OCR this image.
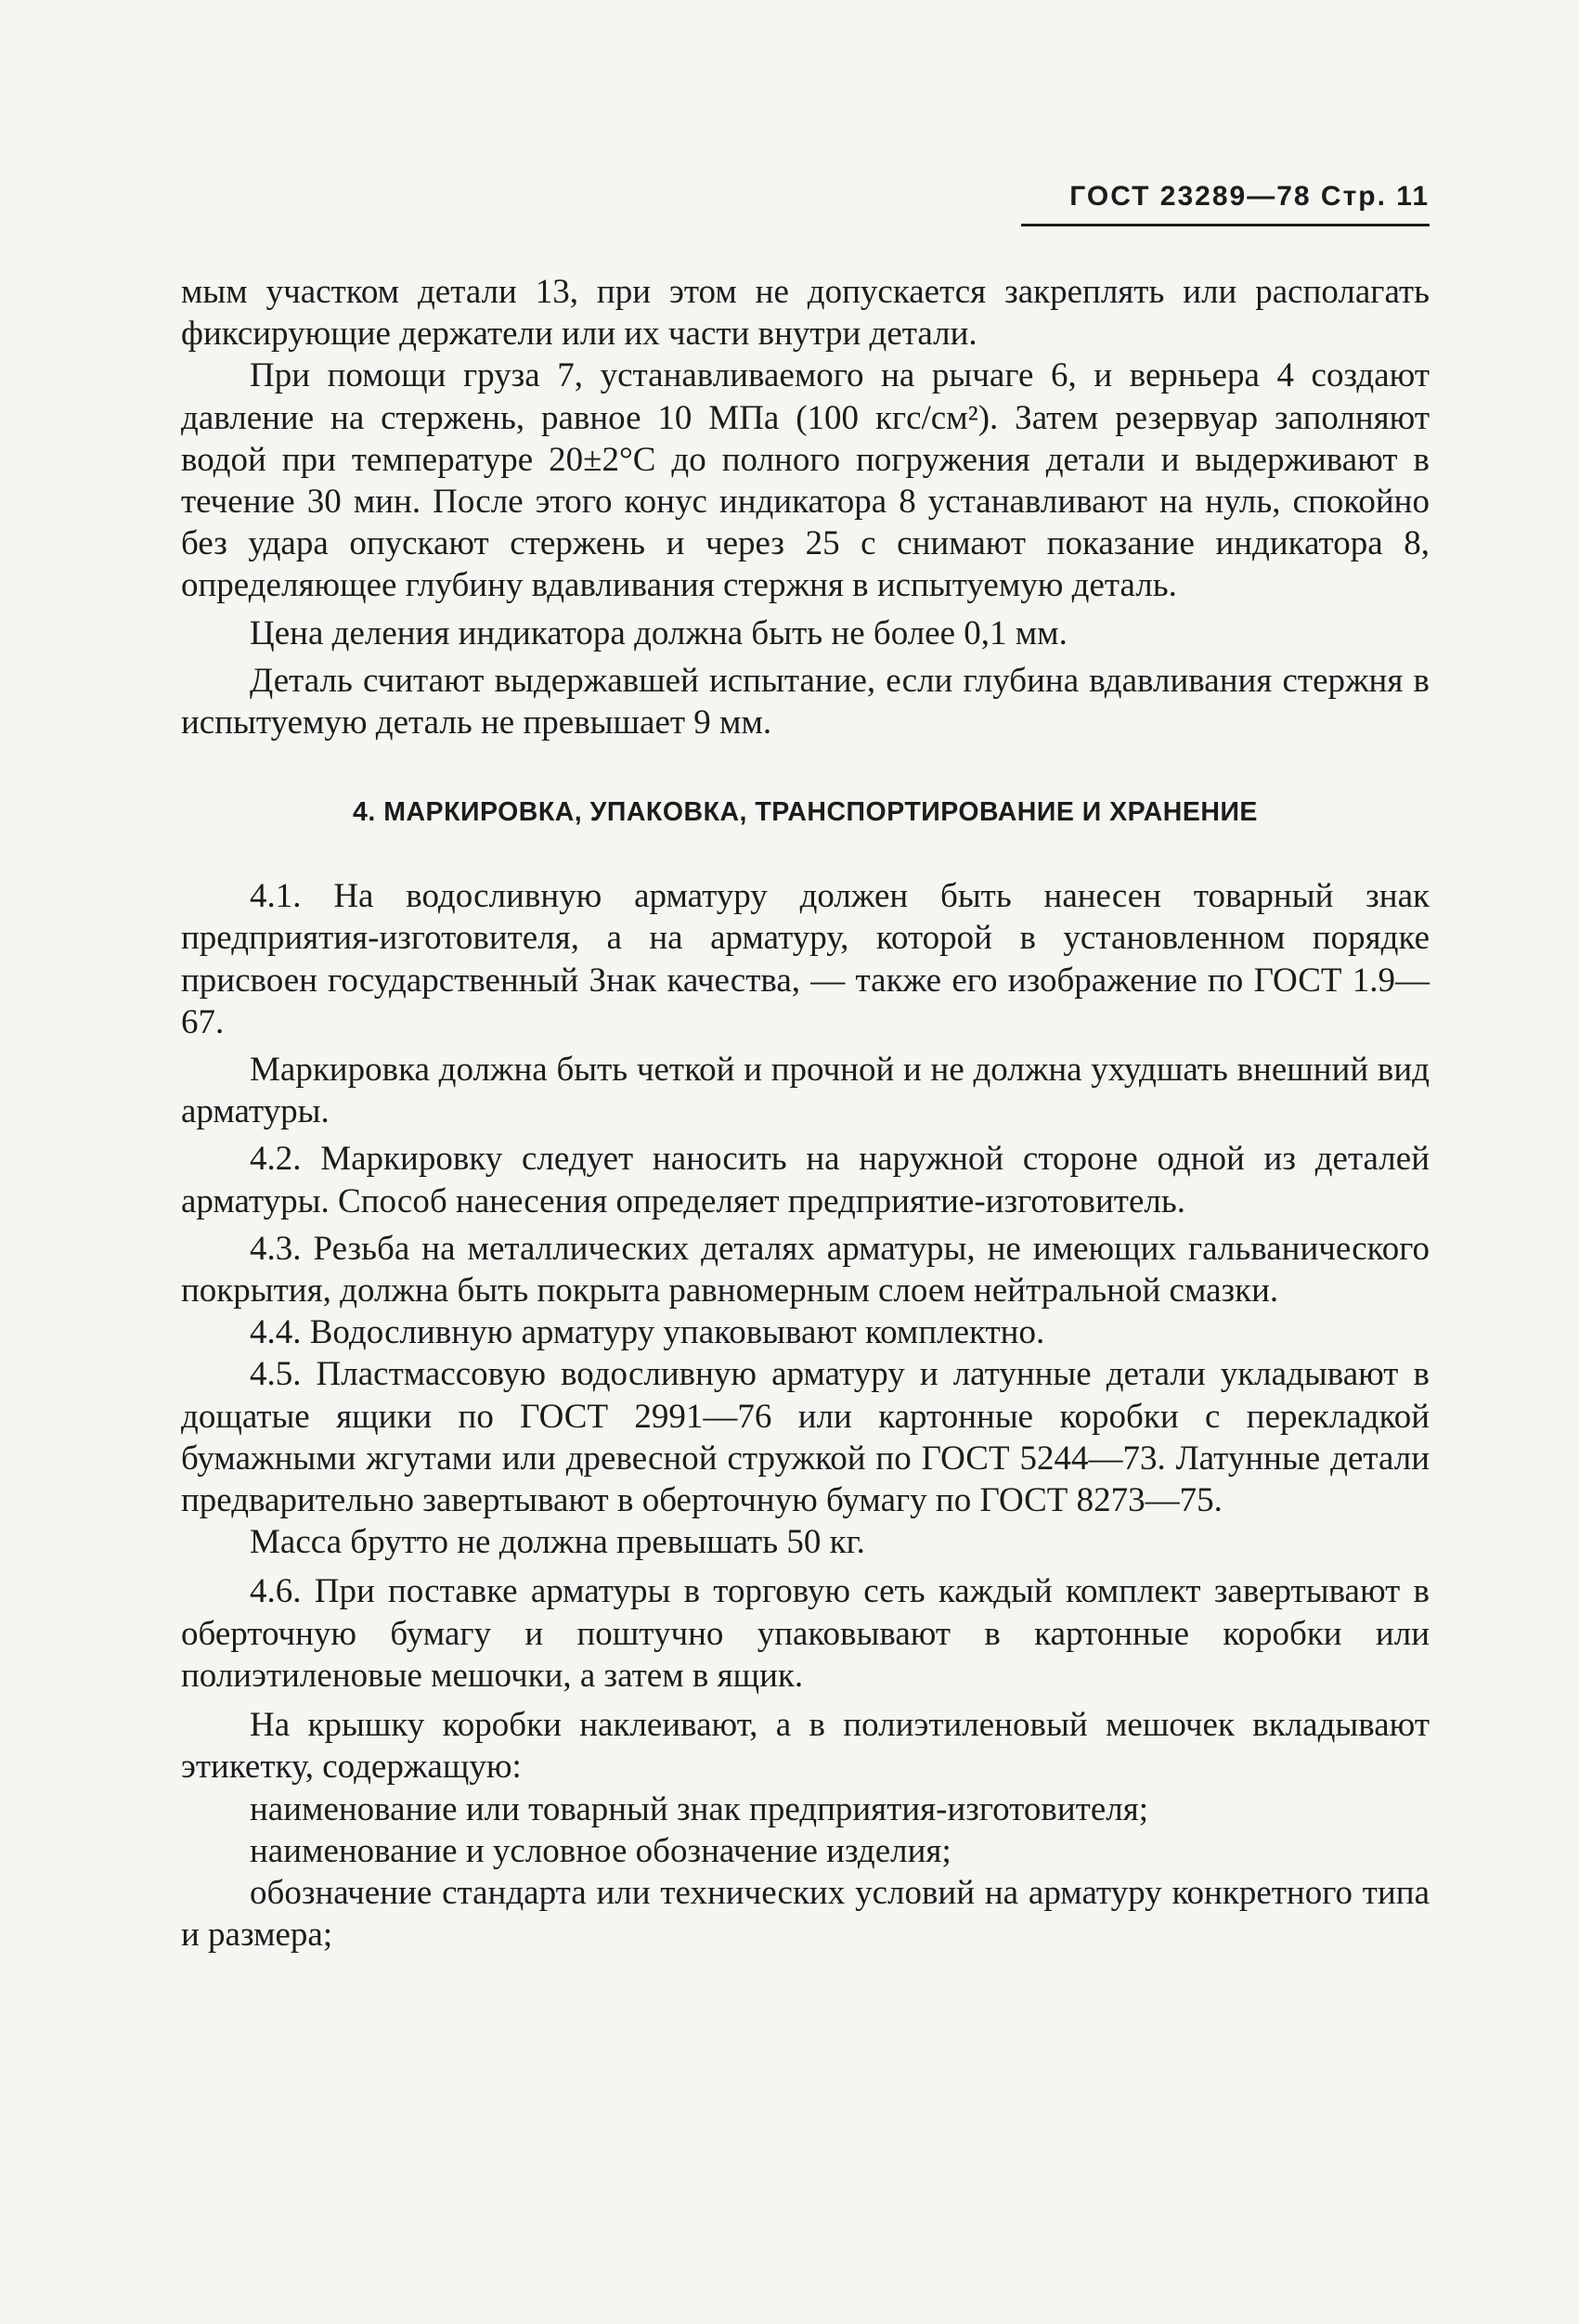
ГОСТ 23289—78 Стр. 11

мым участком детали 13, при этом не допускается закреплять или располагать фиксирующие держатели или их части внутри детали.

При помощи груза 7, устанавливаемого на рычаге 6, и верньера 4 создают давление на стержень, равное 10 МПа (100 кгс/см²). Затем резервуар заполняют водой при температуре 20±2°С до полного погружения детали и выдерживают в течение 30 мин. После этого конус индикатора 8 устанавливают на нуль, спокойно без удара опускают стержень и через 25 с снимают показание индикатора 8, определяющее глубину вдавливания стержня в испытуемую деталь.

Цена деления индикатора должна быть не более 0,1 мм.

Деталь считают выдержавшей испытание, если глубина вдавливания стержня в испытуемую деталь не превышает 9 мм.

4. МАРКИРОВКА, УПАКОВКА, ТРАНСПОРТИРОВАНИЕ И ХРАНЕНИЕ

4.1. На водосливную арматуру должен быть нанесен товарный знак предприятия-изготовителя, а на арматуру, которой в установленном порядке присвоен государственный Знак качества, — также его изображение по ГОСТ 1.9—67.

Маркировка должна быть четкой и прочной и не должна ухудшать внешний вид арматуры.

4.2. Маркировку следует наносить на наружной стороне одной из деталей арматуры. Способ нанесения определяет предприятие-изготовитель.

4.3. Резьба на металлических деталях арматуры, не имеющих гальванического покрытия, должна быть покрыта равномерным слоем нейтральной смазки.

4.4. Водосливную арматуру упаковывают комплектно.

4.5. Пластмассовую водосливную арматуру и латунные детали укладывают в дощатые ящики по ГОСТ 2991—76 или картонные коробки с перекладкой бумажными жгутами или древесной стружкой по ГОСТ 5244—73. Латунные детали предварительно завертывают в оберточную бумагу по ГОСТ 8273—75.

Масса брутто не должна превышать 50 кг.

4.6. При поставке арматуры в торговую сеть каждый комплект завертывают в оберточную бумагу и поштучно упаковывают в картонные коробки или полиэтиленовые мешочки, а затем в ящик.

На крышку коробки наклеивают, а в полиэтиленовый мешочек вкладывают этикетку, содержащую:

наименование или товарный знак предприятия-изготовителя;

наименование и условное обозначение изделия;

обозначение стандарта или технических условий на арматуру конкретного типа и размера;
